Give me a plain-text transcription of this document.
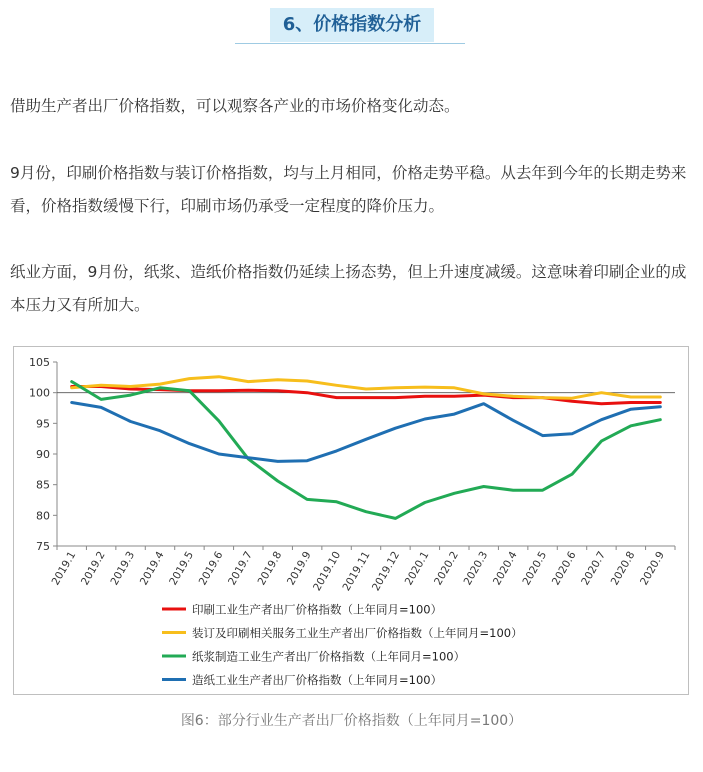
6、价格指数分析

借助生产者出厂价格指数，可以观察各产业的市场价格变化动态。

9月份，印刷价格指数与装订价格指数，均与上月相同，价格走势平稳。从去年到今年的长期走势来看，价格指数缓慢下行，印刷市场仍承受一定程度的降价压力。

纸业方面，9月份，纸浆、造纸价格指数仍延续上扬态势，但上升速度减缓。这意味着印刷企业的成本压力又有所加大。

75
80
85
90
95
100
105
2019.1 2019.2 2019.3 2019.4 2019.5 2019.6 2019.7 2019.8 2019.9
2019.10
2019.11
2019.12 2020.1 2020.2 2020.3 2020.4 2020.5 2020.6 2020.7 2020.8 2020.9
印刷工业生产者出厂价格指数（上年同月=100）
装订及印刷相关服务工业生产者出厂价格指数（上年同月=100）
纸浆制造工业生产者出厂价格指数（上年同月=100）
造纸工业生产者出厂价格指数（上年同月=100）
图6：部分行业生产者出厂价格指数（上年同月=100）
